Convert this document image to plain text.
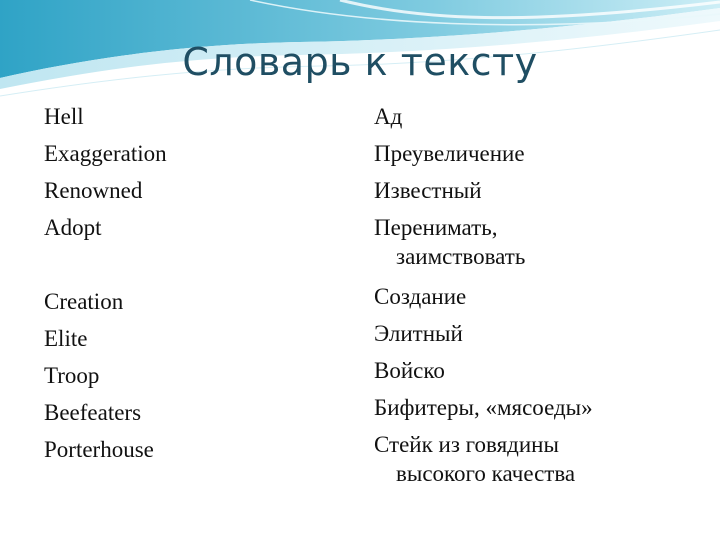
Словарь к тексту
Hell
Exaggeration
Renowned
Adopt
Creation
Elite
Troop
Beefeaters
Porterhouse
Ад
Преувеличение
Известный
Перенимать,
заимствовать
Создание
Элитный
Войско
Бифитеры, «мясоеды»
Стейк из говядины
высокого качества
